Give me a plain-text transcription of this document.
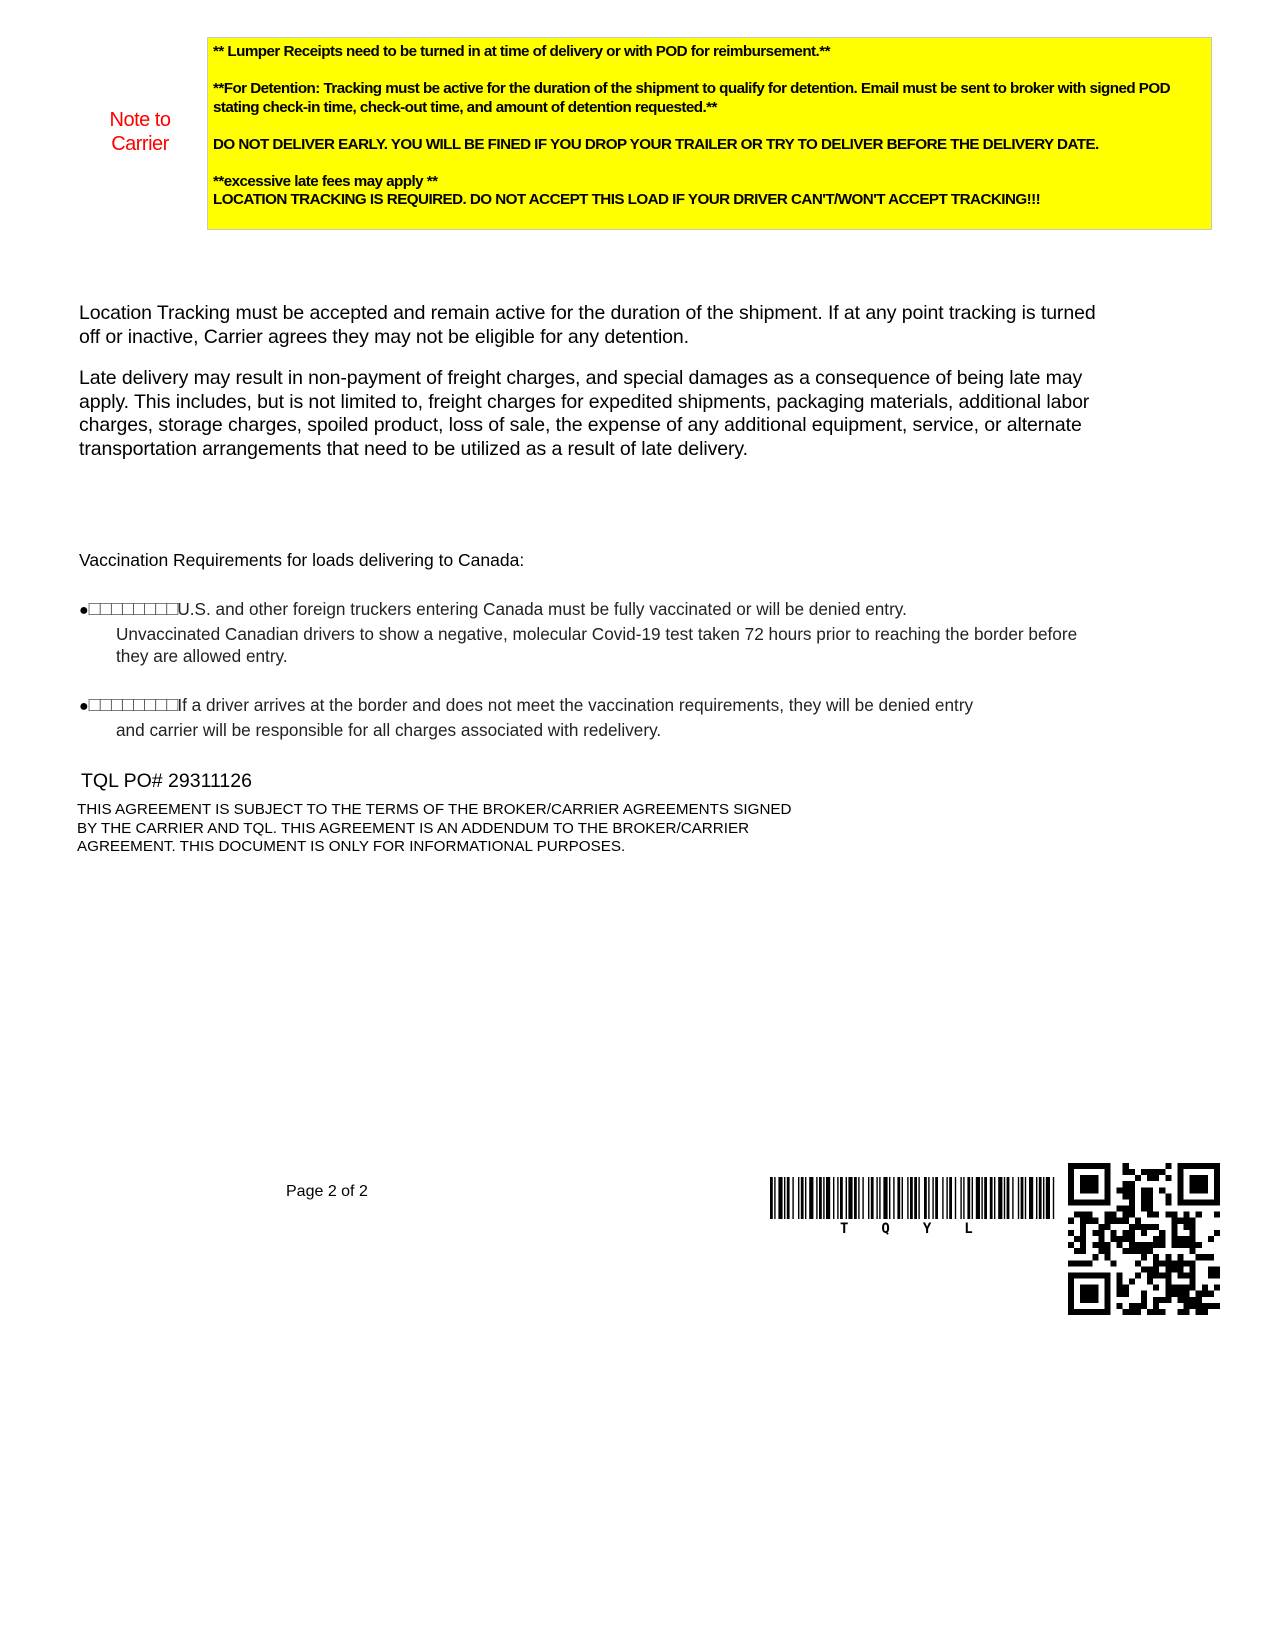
Note to Carrier

** Lumper Receipts need to be turned in at time of delivery or with POD for reimbursement.**

**For Detention: Tracking must be active for the duration of the shipment to qualify for detention. Email must be sent to broker with signed POD stating check-in time, check-out time, and amount of detention requested.**

DO NOT DELIVER EARLY. YOU WILL BE FINED IF YOU DROP YOUR TRAILER OR TRY TO DELIVER BEFORE THE DELIVERY DATE.

**excessive late fees may apply **

LOCATION TRACKING IS REQUIRED. DO NOT ACCEPT THIS LOAD IF YOUR DRIVER CAN'T/WON'T ACCEPT TRACKING!!!

Location Tracking must be accepted and remain active for the duration of the shipment. If at any point tracking is turned off or inactive, Carrier agrees they may not be eligible for any detention.
Late delivery may result in non-payment of freight charges, and special damages as a consequence of being late may apply. This includes, but is not limited to, freight charges for expedited shipments, packaging materials, additional labor charges, storage charges, spoiled product, loss of sale, the expense of any additional equipment, service, or alternate transportation arrangements that need to be utilized as a result of late delivery.
Vaccination Requirements for loads delivering to Canada:
●□□□□□□□□U.S. and other foreign truckers entering Canada must be fully vaccinated or will be denied entry.
Unvaccinated Canadian drivers to show a negative, molecular Covid-19 test taken 72 hours prior to reaching the border before they are allowed entry.
●□□□□□□□□If a driver arrives at the border and does not meet the vaccination requirements, they will be denied entry
and carrier will be responsible for all charges associated with redelivery.
TQL PO# 29311126
THIS AGREEMENT IS SUBJECT TO THE TERMS OF THE BROKER/CARRIER AGREEMENTS SIGNED BY THE CARRIER AND TQL. THIS AGREEMENT IS AN ADDENDUM TO THE BROKER/CARRIER AGREEMENT. THIS DOCUMENT IS ONLY FOR INFORMATIONAL PURPOSES.
Page 2 of 2
TQYL
